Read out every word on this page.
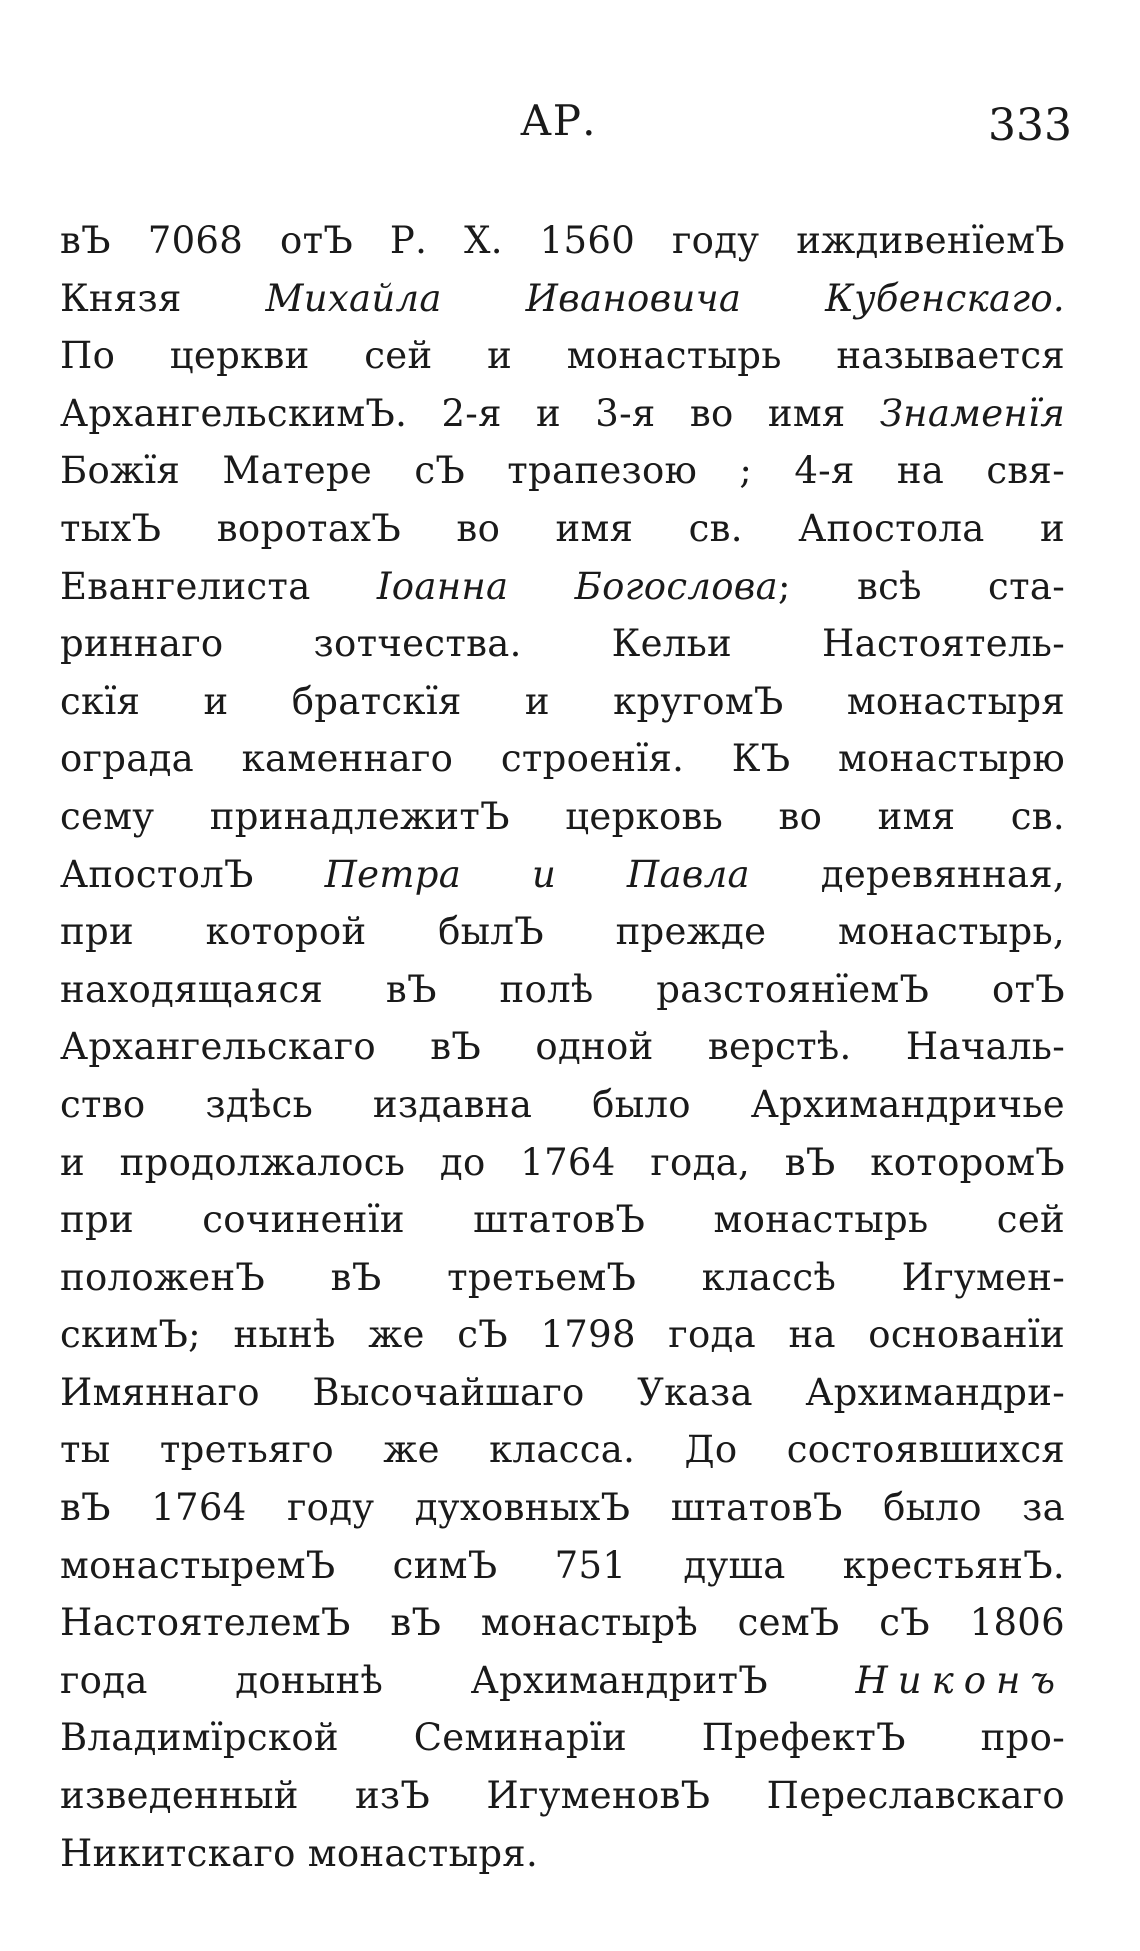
АР.	333
вЪ 7068 отЪ Р. Х. 1560 году иждивенïемЪ
Князя Михайла Ивановича Кубенскаго.
По церкви сей и монастырь называется
АрхангельскимЪ. 2-я и 3-я во имя Знаменïя
Божïя Матере сЪ трапезою ; 4-я на свя-
тыхЪ воротахЪ во имя св. Апостола и
Евангелиста Iоанна Богослова; всѣ ста-
риннаго зотчества. Кельи Настоятель-
скïя и братскïя и кругомЪ монастыря
ограда каменнаго строенïя. КЪ монастырю
сему принадлежитЪ церковь во имя св.
АпостолЪ Петра и Павла деревянная,
при которой былЪ прежде монастырь,
находящаяся вЪ полѣ разстоянïемЪ отЪ
Архангельскаго вЪ одной верстѣ. Началь-
ство здѣсь издавна было Архимандричье
и продолжалось до 1764 года, вЪ которомЪ
при сочиненïи штатовЪ монастырь сей
положенЪ вЪ третьемЪ классѣ Игумен-
скимЪ; нынѣ же сЪ 1798 года на основанïи
Имяннаго Высочайшаго Указа Архимандри-
ты третьяго же класса. До состоявшихся
вЪ 1764 году духовныхЪ штатовЪ было за
монастыремЪ симЪ 751 душа крестьянЪ.
НастоятелемЪ вЪ монастырѣ семЪ сЪ 1806
года донынѣ АрхимандритЪ Никонъ
Владимïрской Семинарïи ПрефектЪ про-
изведенный изЪ ИгуменовЪ Переславскаго
Никитскаго монастыря.
